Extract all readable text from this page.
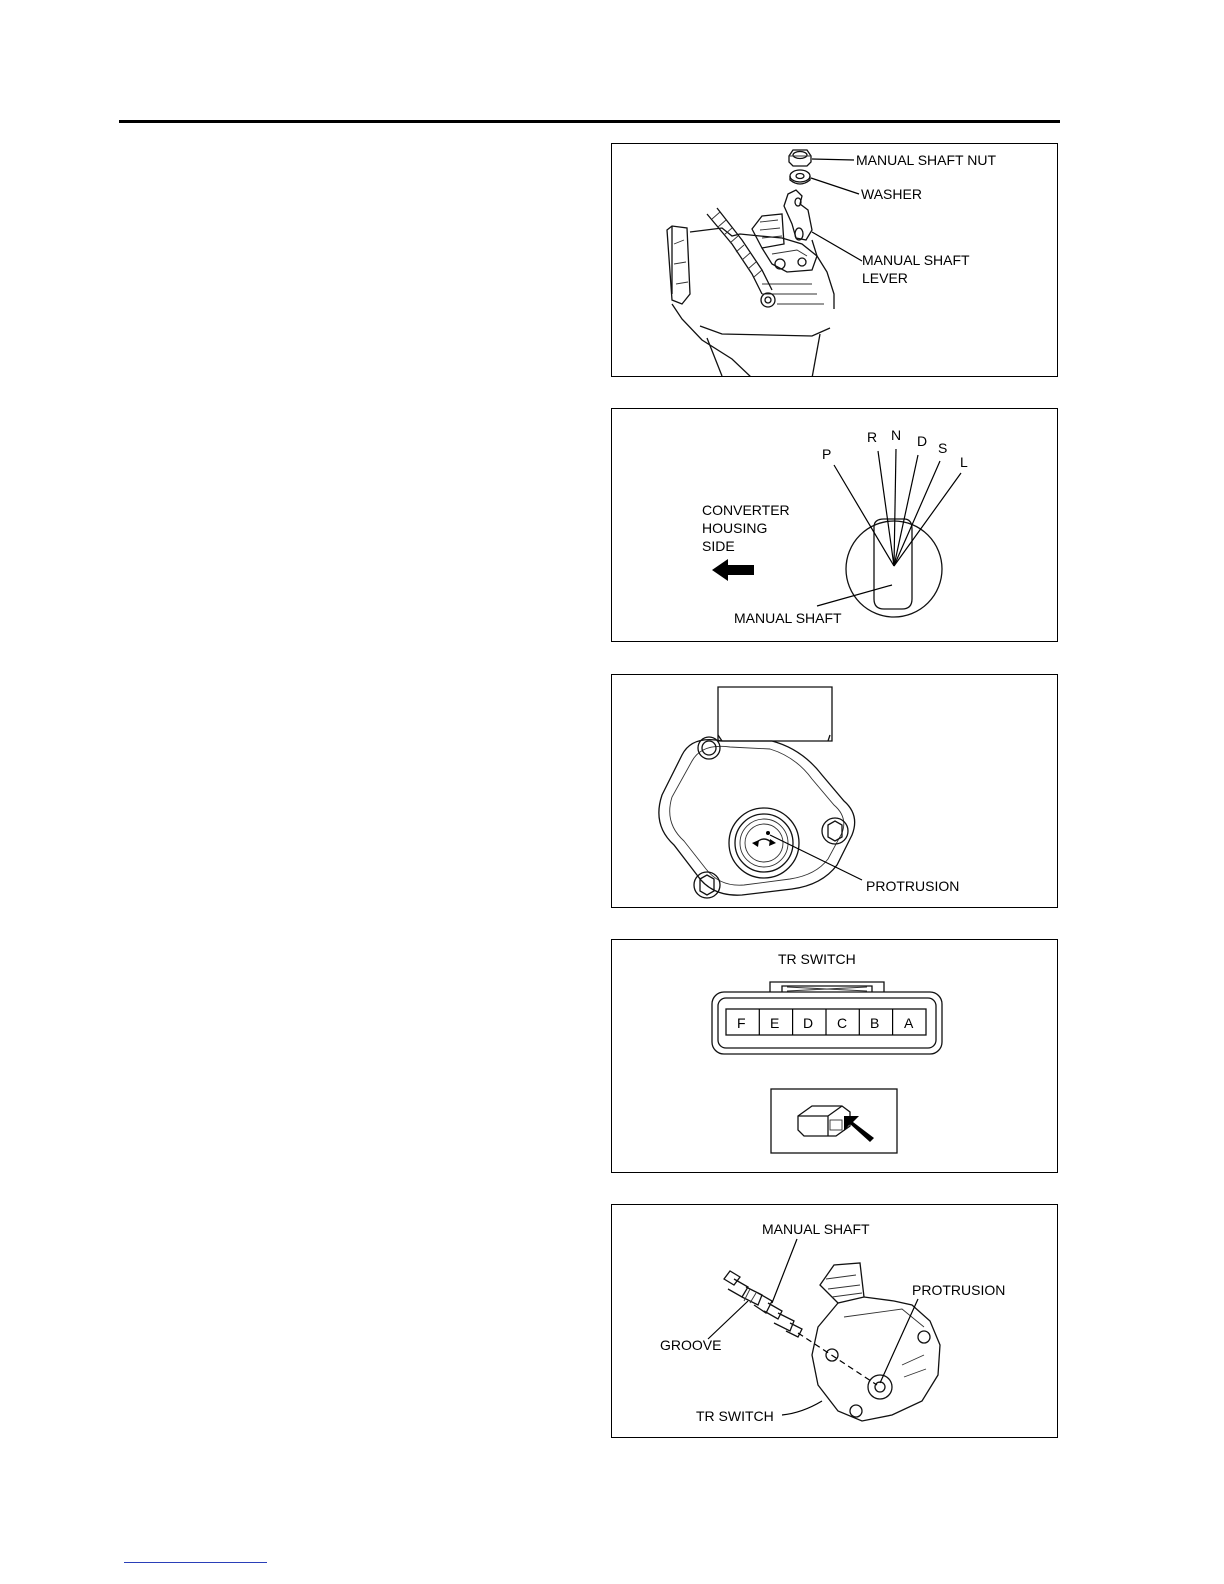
MANUAL SHAFT NUT
WASHER
MANUAL SHAFT
LEVER
P
R N D S
L
CONVERTER
HOUSING
SIDE
MANUAL SHAFT
PROTRUSION
TR SWITCH
F E D C B A
MANUAL SHAFT
PROTRUSION
GROOVE
TR SWITCH
